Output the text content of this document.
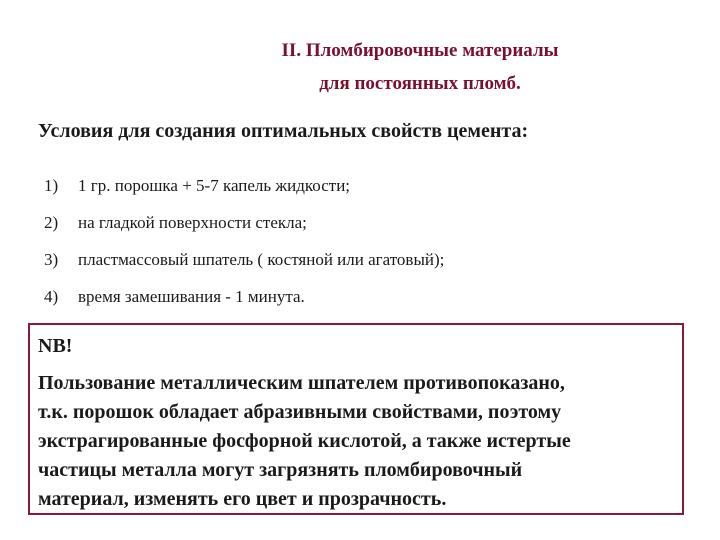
II. Пломбировочные материалы
для постоянных пломб.
Условия для создания оптимальных свойств цемента:
1)	1 гр. порошка + 5-7 капель жидкости;
2)	на гладкой поверхности стекла;
3)	пластмассовый шпатель ( костяной или агатовый);
4)	время замешивания - 1 минута.
NB!
Пользование металлическим шпателем противопоказано,
т.к. порошок обладает абразивными свойствами, поэтому
экстрагированные фосфорной кислотой, а также истертые
частицы металла могут загрязнять пломбировочный
материал, изменять его цвет и прозрачность.
